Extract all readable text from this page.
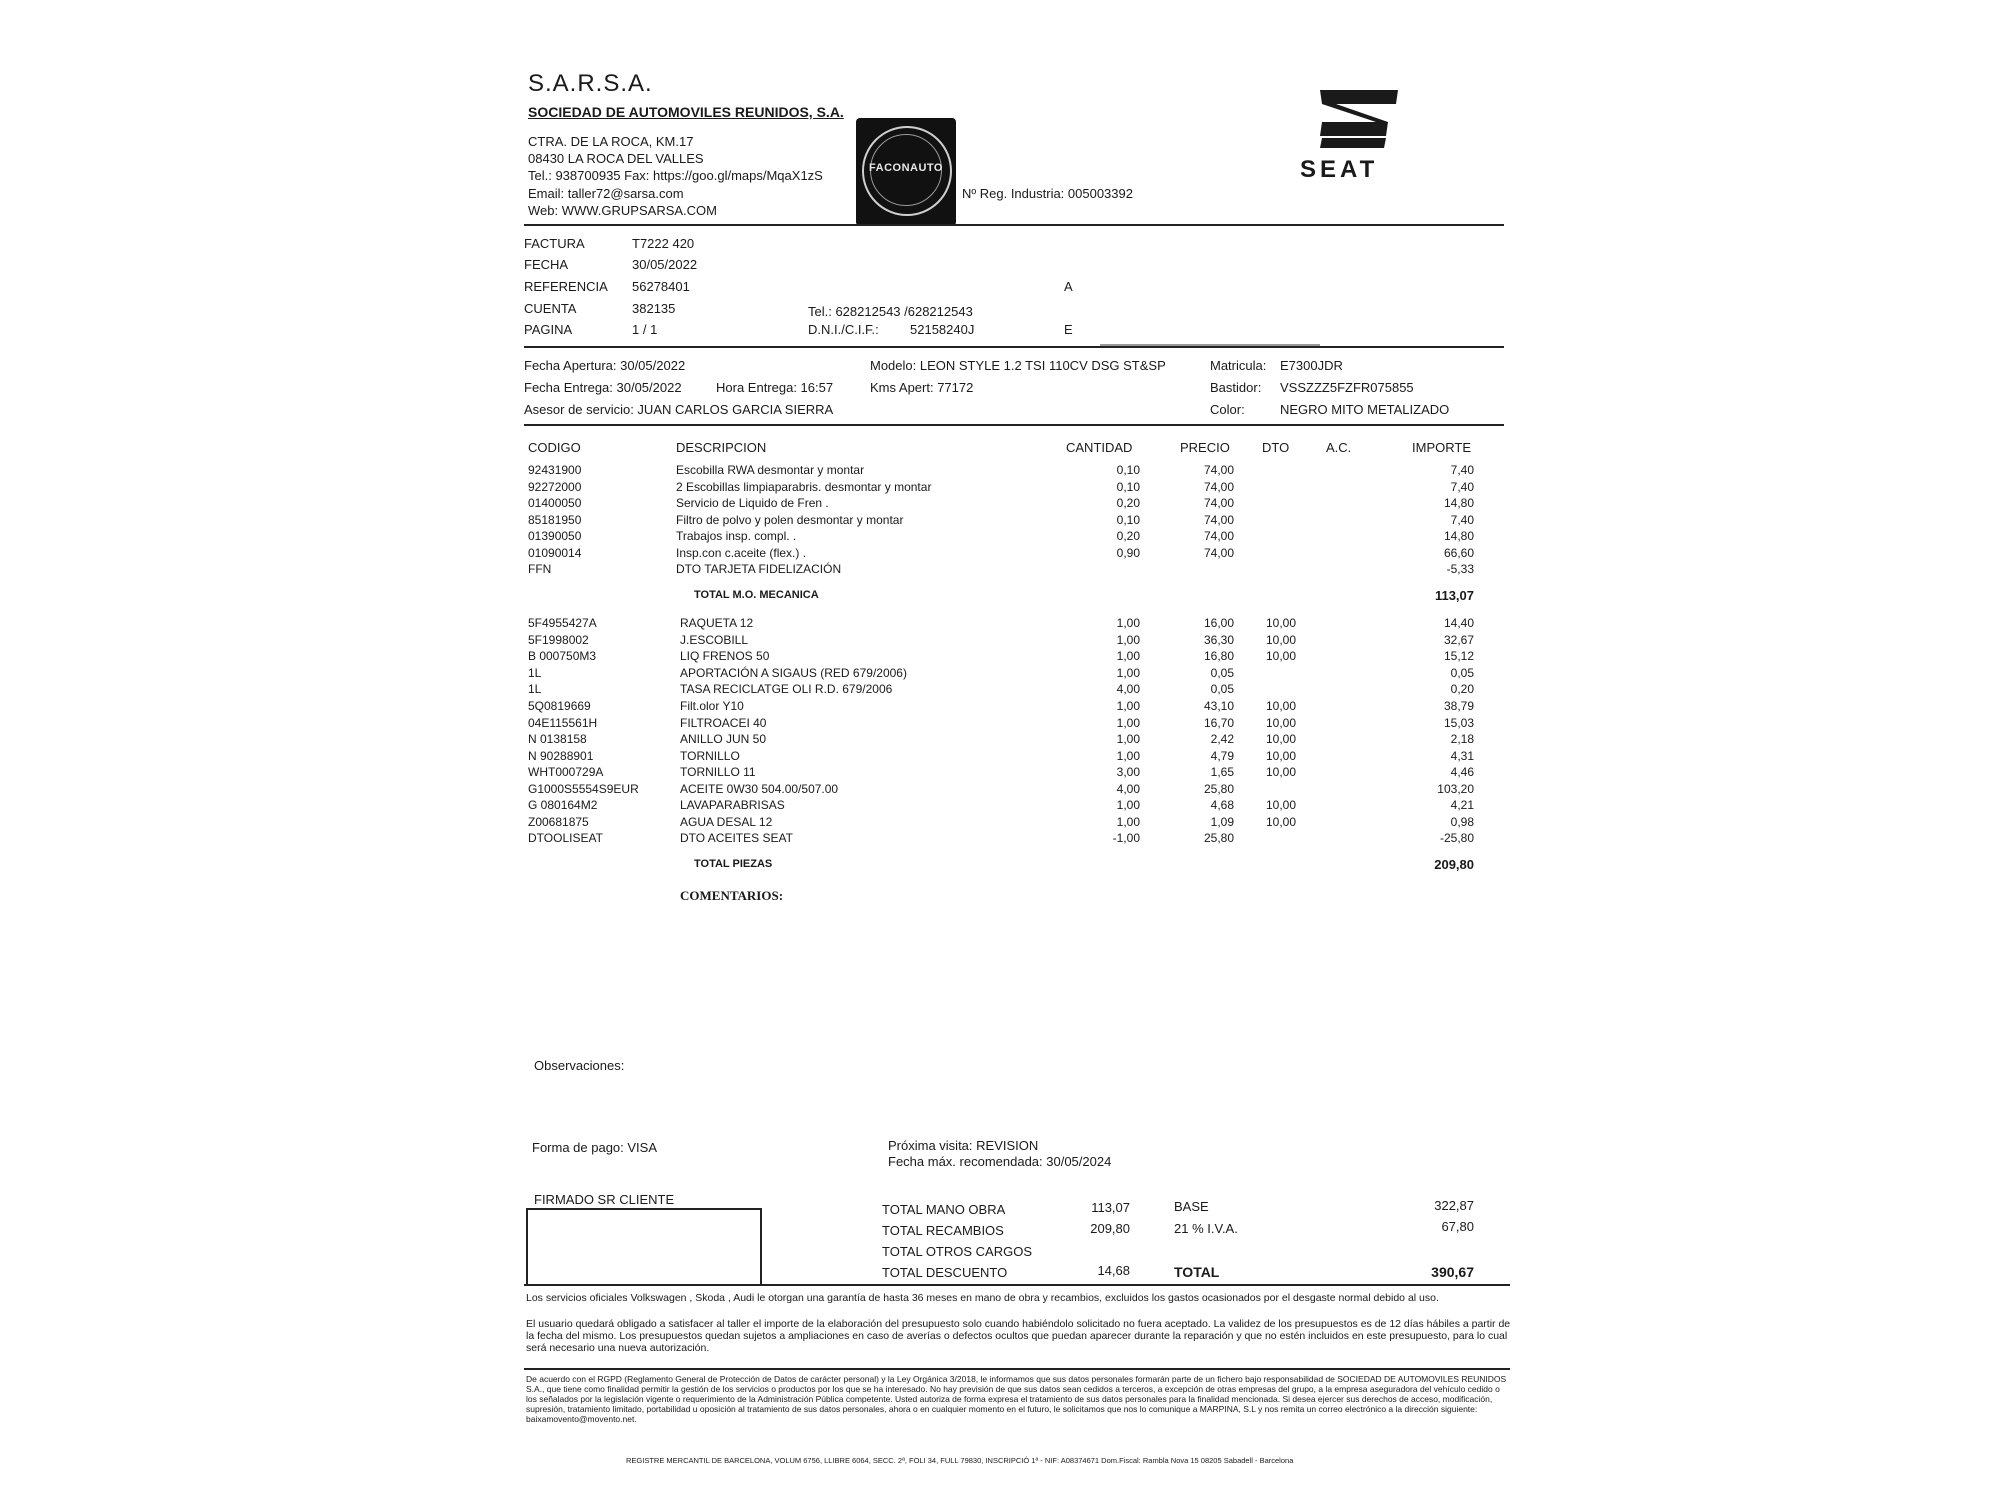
S.A.R.S.A.
SOCIEDAD DE AUTOMOVILES REUNIDOS, S.A.
CTRA. DE LA ROCA, KM.17
08430 LA ROCA DEL VALLES
Tel.: 938700935 Fax: https://goo.gl/maps/MqaX1zS
Email: taller72@sarsa.com
Web: WWW.GRUPSARSA.COM
Nº Reg. Industria: 005003392
FACONAUTO	SEAT
FACTURA	T7222 420
FECHA	30/05/2022
REFERENCIA 56278401
CUENTA	382135
PAGINA	1 / 1
A
Tel.: 628212543 /628212543
D.N.I./C.I.F.: 52158240J	E
Fecha Apertura: 30/05/2022
Fecha Entrega: 30/05/2022	Hora Entrega: 16:57
Asesor de servicio: JUAN CARLOS GARCIA SIERRA
Modelo: LEON STYLE 1.2 TSI 110CV DSG ST&SP
Kms Apert: 77172
Matricula: E7300JDR
Bastidor: VSSZZZ5FZFR075855
Color:	NEGRO MITO METALIZADO
CODIGO	DESCRIPCION	CANTIDAD	PRECIO DTO	A.C.	IMPORTE
92431900	Escobilla RWA desmontar y montar	0,10	74,00	7,40
92272000	2 Escobillas limpiaparabris. desmontar y montar	0,10	74,00	7,40
01400050	Servicio de Liquido de Fren .	0,20	74,00	14,80
85181950	Filtro de polvo y polen desmontar y montar	0,10	74,00	7,40
01390050	Trabajos insp. compl. .	0,20	74,00	14,80
01090014	Insp.con c.aceite (flex.) .	0,90	74,00	66,60
FFN	DTO TARJETA FIDELIZACIÓN	-5,33
TOTAL M.O. MECANICA	113,07
5F4955427A	RAQUETA 12	1,00	16,00	10,00	14,40
5F1998002	J.ESCOBILL	1,00	36,30	10,00	32,67
B 000750M3	LIQ FRENOS 50	1,00	16,80	10,00	15,12
1L	APORTACIÓN A SIGAUS (RED 679/2006)	1,00	0,05	0,05
1L	TASA RECICLATGE OLI R.D. 679/2006	4,00	0,05	0,20
5Q0819669	Filt.olor Y10	1,00	43,10	10,00	38,79
04E115561H	FILTROACEI 40	1,00	16,70	10,00	15,03
N 0138158	ANILLO JUN 50	1,00	2,42	10,00	2,18
N 90288901	TORNILLO	1,00	4,79	10,00	4,31
WHT000729A	TORNILLO 11	3,00	1,65	10,00	4,46
G1000S5554S9EUR	ACEITE 0W30 504.00/507.00	4,00	25,80	103,20
G 080164M2	LAVAPARABRISAS	1,00	4,68	10,00	4,21
Z00681875	AGUA DESAL 12	1,00	1,09	10,00	0,98
DTOOLISEAT	DTO ACEITES SEAT	-1,00	25,80	-25,80
TOTAL PIEZAS	209,80
COMENTARIOS:
Observaciones:
Forma de pago: VISA	Próxima visita: REVISION
Fecha máx. recomendada: 30/05/2024
FIRMADO SR CLIENTE
TOTAL MANO OBRA	113,07
TOTAL RECAMBIOS	209,80
TOTAL OTROS CARGOS
TOTAL DESCUENTO	14,68
BASE	322,87
21 % I.V.A.	67,80
TOTAL	390,67
Los servicios oficiales Volkswagen , Skoda , Audi le otorgan una garantía de hasta 36 meses en mano de obra y recambios, excluidos los gastos ocasionados por el desgaste normal debido al uso.
El usuario quedará obligado a satisfacer al taller el importe de la elaboración del presupuesto solo cuando habiéndolo solicitado no fuera aceptado. La validez de los presupuestos es de 12 días hábiles a partir de la fecha del mismo. Los presupuestos quedan sujetos a ampliaciones en caso de averías o defectos ocultos que puedan aparecer durante la reparación y que no estén incluidos en este presupuesto, para lo cual será necesario una nueva autorización.
De acuerdo con el RGPD (Reglamento General de Protección de Datos de carácter personal) y la Ley Orgánica 3/2018, le informamos que sus datos personales formarán parte de un fichero bajo responsabilidad de SOCIEDAD DE AUTOMOVILES REUNIDOS S.A., que tiene como finalidad permitir la gestión de los servicios o productos por los que se ha interesado. No hay previsión de que sus datos sean cedidos a terceros, a excepción de otras empresas del grupo, a la empresa aseguradora del vehículo cedido o los señalados por la legislación vigente o requerimiento de la Administración Pública competente. Usted autoriza de forma expresa el tratamiento de sus datos personales para la finalidad mencionada. Si desea ejercer sus derechos de acceso, modificación, supresión, tratamiento limitado, portabilidad u oposición al tratamiento de sus datos personales, ahora o en cualquier momento en el futuro, le solicitamos que nos lo comunique a MARPINA, S.L y nos remita un correo electrónico a la dirección siguiente: baixamovento@movento.net.
REGISTRE MERCANTIL DE BARCELONA, VOLUM 6756, LLIBRE 6064, SECC. 2ª, FOLI 34, FULL 79830, INSCRIPCIÓ 1ª - NIF: A08374671 Dom.Fiscal: Rambla Nova 15 08205 Sabadell - Barcelona
